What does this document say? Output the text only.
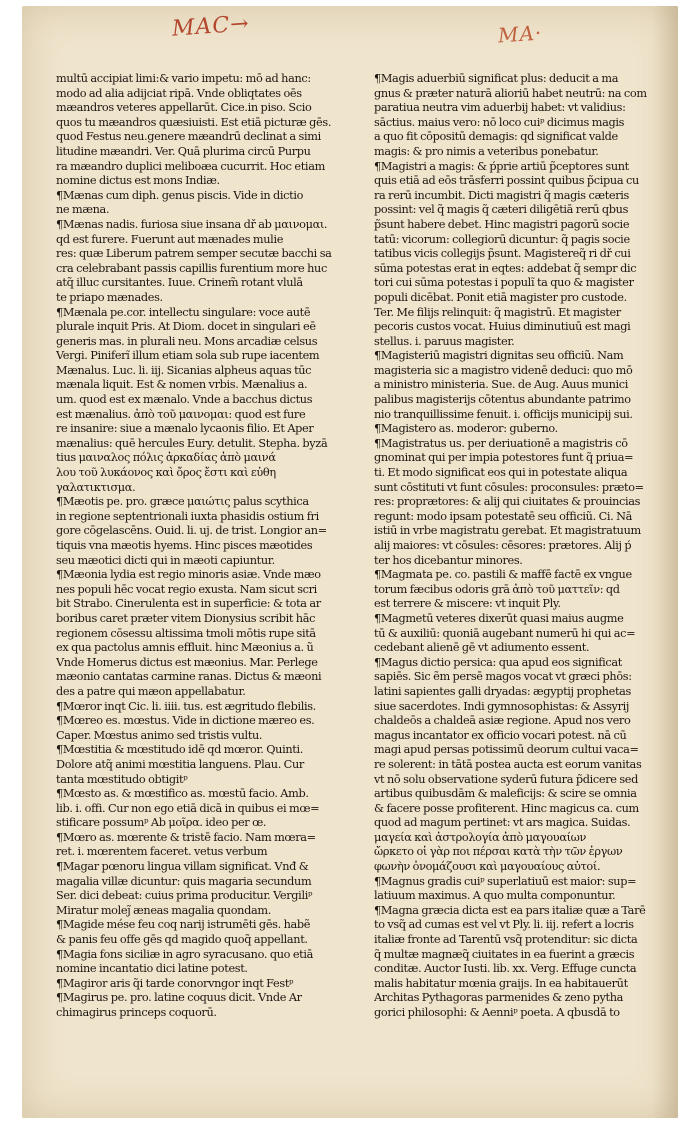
MAC→	MA·
multū accipiat limi:& vario impetu: mō ad hanc:
modo ad alia adijciat ripā. Vnde obliqtates oēs
mæandros veteres appellarūt. Cice.in piso. Scio
quos tu mæandros quæsiuisti. Est etiā picturæ gēs.
quod Festus neu.genere mæandrū declinat a simi
litudine mæandri. Ver. Quā plurima circū Purpu
ra mæandro duplici meliboæa cucurrit. Hoc etiam
nomine dictus est mons Indiæ.
¶Mænas cum diph. genus piscis. Vide in dictio
ne mæna.
¶Mænas nadis. furiosa siue insana dř ab μαινομαι.
qd est furere. Fuerunt aut mænades mulie
res: quæ Liberum patrem semper secutæ bacchi sa
cra celebrabant passis capillis furentium more huc
atq̃ illuc cursitantes. Iuue. Crinem̃ rotant vlulā
te priapo mænades.
¶Mænala pe.cor. intellectu singulare: voce autē
plurale inquit Pris. At Diom. docet in singulari eē
generis mas. in plurali neu. Mons arcadiæ celsus
Vergi. Piniferĩ illum etiam sola sub rupe iacentem
Mænalus. Luc. li. iij. Sicanias alpheus aquas tūc
mænala liquit. Est & nomen vrbis. Mænalius a.
um. quod est ex mænalo. Vnde a bacchus dictus
est mænalius. ἀπὸ τοῦ μαινομαι: quod est fure
re insanire: siue a mænalo lycaonis filio. Et Aper
mænalius: quē hercules Eury. detulit. Stepha. byzā
tius μαιναλος πόλις ἀρκαδίας ἀπὸ μαινά
λου τοῦ λυκάονος καὶ ὄρος ἔστι καὶ εὐθη
γαλατικτισμα.
¶Mæotis pe. pro. græce μαιώτις palus scythica
in regione septentrionali iuxta phasidis ostium fri
gore cōgelascēns. Ouid. li. uj. de trist. Longior an=
tiquis vna mæotis hyems. Hinc pisces mæotides
seu mæotici dicti qui in mæoti capiuntur.
¶Mæonia lydia est regio minoris asiæ. Vnde mæo
nes populi hēc vocat regio exusta. Nam sicut scri
bit Strabo. Cinerulenta est in superficie: & tota ar
boribus caret præter vitem Dionysius scribit hāc
regionem cōsessu altissima tmoli mōtis rupe sitā
ex qua pactolus amnis effluit. hinc Mæonius a. ũ
Vnde Homerus dictus est mæonius. Mar. Perlege
mæonio cantatas carmine ranas. Dictus & mæoni
des a patre qui mæon appellabatur.
¶Mœror inqt Cic. li. iiii. tus. est ægritudo flebilis.
¶Mœreo es. mœstus. Vide in dictione mæreo es.
Caper. Mœstus animo sed tristis vultu.
¶Mœstitia & mœstitudo idē qd mœror. Quinti.
Dolore atq̃ animi mœstitia languens. Plau. Cur
tanta mœstitudo obtigitᵖ
¶Mœsto as. & mœstifico as. mœstū facio. Amb.
lib. i. offi. Cur non ego etiā dicā in quibus ei mœ=
stificare possumᵖ Ab μοῖρα. ideo per œ.
¶Mœro as. mœrente & tristē facio. Nam mœra=
ret. i. mœrentem faceret. vetus verbum
¶Magar pœnoru lingua villam significat. Vnđ &
magalia villæ dicuntur: quis magaria secundum
Ser. dici debeat: cuius prima producitur. Vergiliᵖ
Miratur molej̃ æneas magalia quondam.
¶Magide mése feu coq narij istrumēti gēs. habẽ
& panis feu offe gēs qd magido quoq̃ appellant.
¶Magia fons siciliæ in agro syracusano. quo etiā
nomine incantatio dici latine potest.
¶Magiror aris q̃i tarde conorvngor inqt Festᵖ
¶Magirus pe. pro. latine coquus dicit. Vnde Ar
chimagirus princeps coquorū.
¶Magis aduerbiū significat plus: deducit̃ a ma
gnus & præter naturā alioriū habet neutrū: na com
paratiua neutra vim aduerbij habet: vt validius:
sāctius. maius vero: nō loco cuiᵖ dicimus magis
a quo fit cōpositū demagis: qd significat valde
magis: & pro nimis a veteribus ponebatur.
¶Magistri a magis: & ṕprie artiū p̃ceptores sunt
quis etiā ad eōs trāsferri possint quibus p̃cipua cu
ra rerū incumbit. Dicti magistri q̃ magis cæteris
possint: vel q̃ magis q̃ cæteri diligētiā rerū qbus
p̃sunt habere debet. Hinc magistri pagorū socie
tatū: vicorum: collegiorū dicuntur: q̃ pagis socie
tatibus vicis collegijs p̃sunt. Magistereq̃ ri dř cui
sūma potestas erat in eqtes: addebat̃ q̃ sempr dic
tori cui sūma potestas i populĩ ta quo & magister
populi dicēbat. Ponit etiā magister pro custode.
Ter. Me filijs relinquit: q̃ magistrū. Et magister
pecoris custos vocat. Huius diminutiuū est magi
stellus. i. paruus magister.
¶Magisteriū magistri dignitas seu officiũ. Nam
magisteria sic a magistro videnē deduci: quo mō
a ministro ministeria. Sue. de Aug. Auus munici
palibus magisterijs cōtentus abundante patrimo
nio tranquillissime fenuit. i. officijs municipij sui.
¶Magistero as. moderor: guberno.
¶Magistratus us. per deriuationē a magistris cō
gnominat̃ qui per impia potestores funt q̃ priua=
ti. Et modo significat eos qui in potestate aliqua
sunt cōstituti vt funt cōsules: proconsules: præto=
res: proprætores: & alij qui ciuitates & prouincias
regunt: modo ipsam potestatē seu officiũ. Ci. Nā
istiū in vrbe magistratu gerebat. Et magistratuum
alij maiores: vt cōsules: cēsores: prætores. Alij ṕ
ter hos dicebantur minores.
¶Magmata pe. co. pastili & maffē factē ex vngue
torum fæcibus odoris grā ἀπὸ τοῦ ματτεῖν: qd
est terrere & miscere: vt inquit Ply.
¶Magmetū veteres dixerūt quasi maius augme
tū & auxiliū: quoniā augebant numerū hi qui ac=
cedebant alienē gē vt adiumento essent.
¶Magus dictio persica: qua apud eos significat
sapiēs. Sic ẽm persē magos vocat vt græci phōs:
latini sapientes galli dryadas: ægyptij prophetas
siue sacerdotes. Indi gymnosophistas: & Assyrij
chaldeōs a chaldeā asiæ regione. Apud nos vero
magus incantator ex officio vocari potest. nā cū
magi apud persas potissimū deorum cultui vaca=
re solerent: in tātā postea aucta est eorum vanitas
vt nō solu observatione syderū futura p̃dicere sed
artibus quibusdām & maleficijs: & scire se omnia
& facere posse profiterent. Hinc magicus ca. cum
quod ad magum pertinet: vt ars magica. Suidas.
μαγεία καὶ ἀστρολογία ἀπὸ μαγουαίων
ὤρκετο οἱ γὰρ ποι πέρσαι κατὰ τὴν τῶν ἐργων
φωνὴν ὀνομάζουσι καὶ μαγουαίους αὐτοί.
¶Magnus gradis cuiᵖ superlatiuū est maior: sup=
latiuum maximus. A quo multa componuntur.
¶Magna græcia dicta est ea pars italiæ quæ a Tarē
to vsq̃ ad cumas est vel vt Ply. li. iij. refert a locris
italiæ fronte ad Tarentū vsq̃ protenditur: sic dicta
q̃ multæ magnæq̃ ciuitates in ea fuerint a græcis
conditæ. Auctor Iusti. lib. xx. Verg. Effuge cuncta
malis habitatur mœnia graijs. In ea habitauerūt
Architas Pythagoras parmenides & zeno pytha
gorici philosophi: & Aenniᵖ poeta. A qbusdā to
